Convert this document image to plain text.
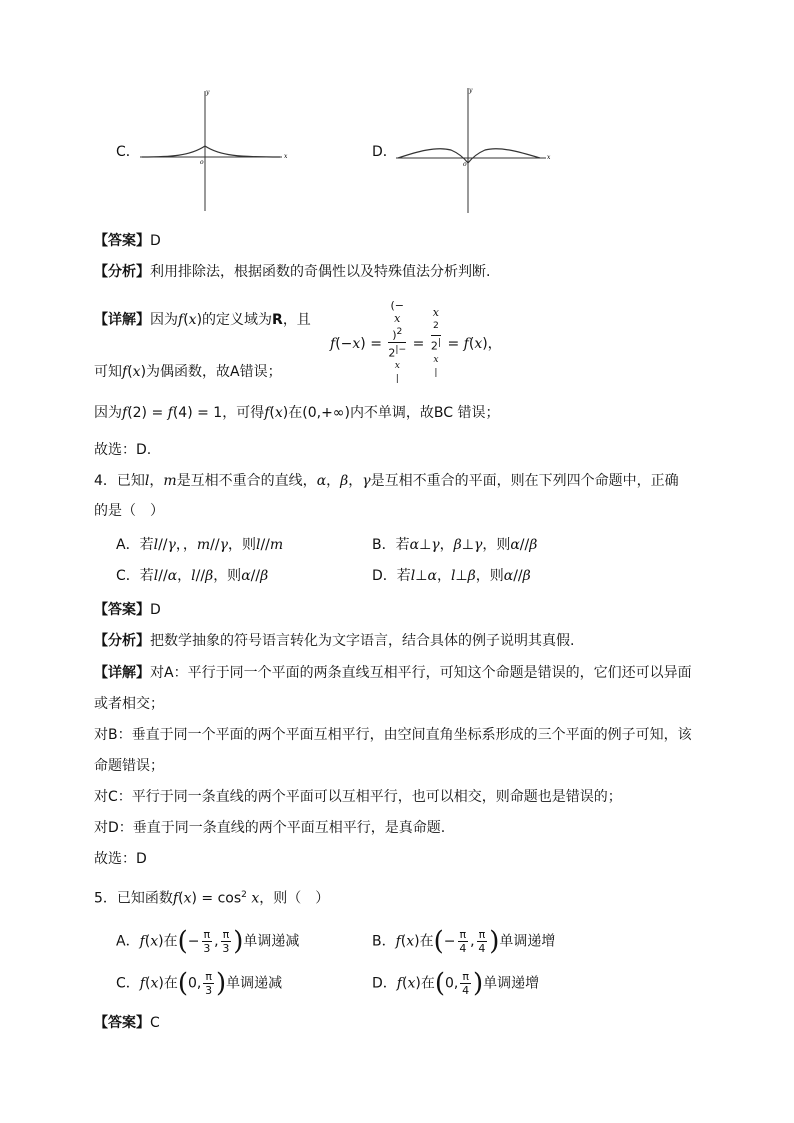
C．	x
y
o
D．	x
y
o
【答案】D
【分析】利用排除法，根据函数的奇偶性以及特殊值法分析判断.
【详解】因为f(x)的定义域为R，且
f(−x) = (−
x
)$^2$
$2^{|- x |} = x$
$^2$
$2^{| x |} = f(x)$，
可知f(x)为偶函数，故A错误；
因为f(2) = f(4) = 1，可得f(x)在(0,+∞)内不单调，故BC 错误；
故选：D.
4．已知l，m是互相不重合的直线，α，β，γ是互相不重合的平面，则在下列四个命题中，正确
的是（　）
A．若l//γ，，m//γ，则l//m	B．若α⊥γ，β⊥γ，则α//β
C．若l//α，l//β，则α//β	D．若l⊥α，l⊥β，则α//β
【答案】D
【分析】把数学抽象的符号语言转化为文字语言，结合具体的例子说明其真假.
【详解】对A：平行于同一个平面的两条直线互相平行，可知这个命题是错误的，它们还可以异面
或者相交；
对B：垂直于同一个平面的两个平面互相平行，由空间直角坐标系形成的三个平面的例子可知，该
命题错误；
对C：平行于同一条直线的两个平面可以互相平行，也可以相交，则命题也是错误的；
对D：垂直于同一条直线的两个平面互相平行，是真命题.
故选：D
5．已知函数$f(x) = \cos^2 x$，则（　）
A．f(x)在(− $\frac{\pi}{3}$ , $\frac{\pi}{3}$ )单调递减	B．f(x)在(− $\frac{\pi}{4}$ , $\frac{\pi}{4}$ )单调递增
C．f(x)在(0, $\frac{\pi}{3}$ )单调递减	D．f(x)在(0, $\frac{\pi}{4}$ )单调递增
【答案】C
